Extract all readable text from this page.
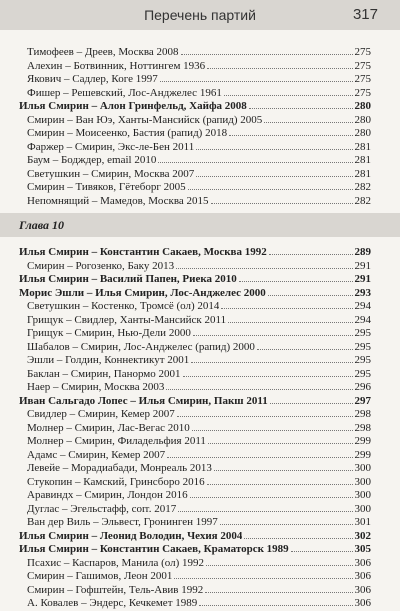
Перечень партий	317
Тимофеев – Дреев, Москва 2008	275
Алехин – Ботвинник, Ноттингем 1936	275
Якович – Садлер, Коге 1997	275
Фишер – Решевский, Лос-Анджелес 1961	275
Илья Смирин – Алон Гринфельд, Хайфа 2008	280
Смирин – Ван Юэ, Ханты-Мансийск (рапид) 2005	280
Смирин – Моисеенко, Бастия (рапид) 2018	280
Фаржер – Смирин, Экс-ле-Бен 2011	281
Баум – Бодждер, email 2010	281
Светушкин – Смирин, Москва 2007	281
Смирин – Тивяков, Гётеборг 2005	282
Непомнящий – Мамедов, Москва 2015	282
Глава 10
Илья Смирин – Константин Сакаев, Москва 1992	289
Смирин – Рогозенко, Баку 2013	291
Илья Смирин – Василий Папен, Риека 2010	291
Морис Эшли – Илья Смирин, Лос-Анджелес 2000	293
Светушкин – Костенко, Тромсё (ол) 2014	294
Грищук – Свидлер, Ханты-Мансийск 2011	294
Грищук – Смирин, Нью-Дели 2000	295
Шабалов – Смирин, Лос-Анджелес (рапид) 2000	295
Эшли – Голдин, Коннектикут 2001	295
Баклан – Смирин, Панормо 2001	295
Наер – Смирин, Москва 2003	296
Иван Сальгадо Лопес – Илья Смирин, Пакш 2011	297
Свидлер – Смирин, Кемер 2007	298
Молнер – Смирин, Лас-Вегас 2010	298
Молнер – Смирин, Филадельфия 2011	299
Адамс – Смирин, Кемер 2007	299
Левейе – Морадиабади, Монреаль 2013	300
Стукопин – Камский, Гринсборо 2016	300
Аравиндх – Смирин, Лондон 2016	300
Дуглас – Эгельстафф, corr. 2017	300
Ван дер Виль – Эльвест, Гронинген 1997	301
Илья Смирин – Леонид Володин, Чехия 2004	302
Илья Смирин – Константин Сакаев, Краматорск 1989	305
Псахис – Каспаров, Манила (ол) 1992	306
Смирин – Гашимов, Леон 2001	306
Смирин – Гофштейн, Тель-Авив 1992	306
А. Ковалев – Эндерс, Кечкемет 1989	306
